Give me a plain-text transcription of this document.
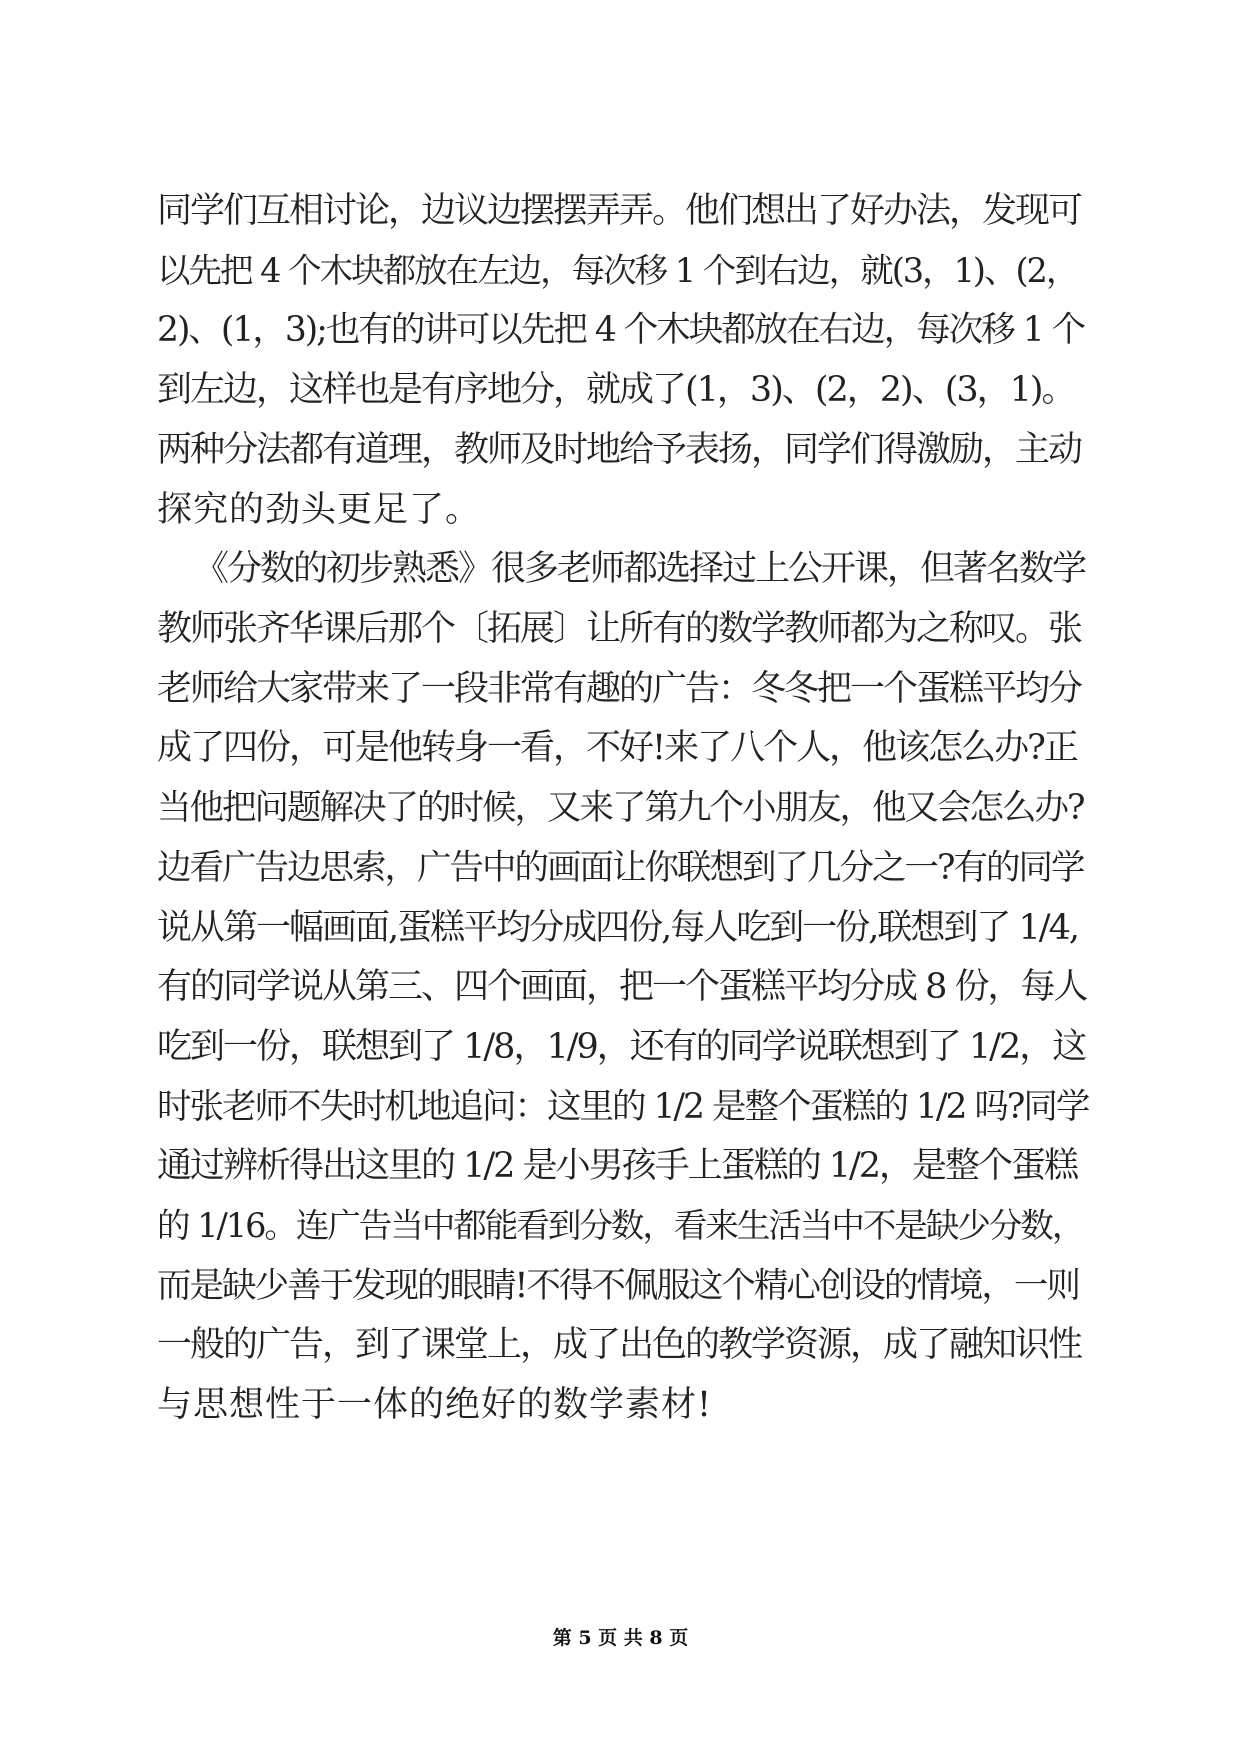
同学们互相讨论，边议边摆摆弄弄。他们想出了好办法，发现可
以先把 4 个木块都放在左边，每次移 1 个到右边，就(3，1)、(2，
2)、(1，3);也有的讲可以先把 4 个木块都放在右边，每次移 1 个
到左边，这样也是有序地分，就成了(1，3)、(2，2)、(3，1)。
两种分法都有道理，教师及时地给予表扬，同学们得激励，主动
探究的劲头更足了。
《分数的初步熟悉》很多老师都选择过上公开课，但著名数学
教师张齐华课后那个〔拓展〕让所有的数学教师都为之称叹。张
老师给大家带来了一段非常有趣的广告：冬冬把一个蛋糕平均分
成了四份，可是他转身一看，不好!来了八个人，他该怎么办?正
当他把问题解决了的时候，又来了第九个小朋友，他又会怎么办?
边看广告边思索，广告中的画面让你联想到了几分之一?有的同学
说从第一幅画面,蛋糕平均分成四份,每人吃到一份,联想到了 1/4,
有的同学说从第三、四个画面，把一个蛋糕平均分成 8 份，每人
吃到一份，联想到了 1/8，1/9，还有的同学说联想到了 1/2，这
时张老师不失时机地追问：这里的 1/2 是整个蛋糕的 1/2 吗?同学
通过辨析得出这里的 1/2 是小男孩手上蛋糕的 1/2，是整个蛋糕
的 1/16。连广告当中都能看到分数，看来生活当中不是缺少分数，
而是缺少善于发现的眼睛!不得不佩服这个精心创设的情境，一则
一般的广告，到了课堂上，成了出色的教学资源，成了融知识性
与思想性于一体的绝好的数学素材!
第 5 页 共 8 页
